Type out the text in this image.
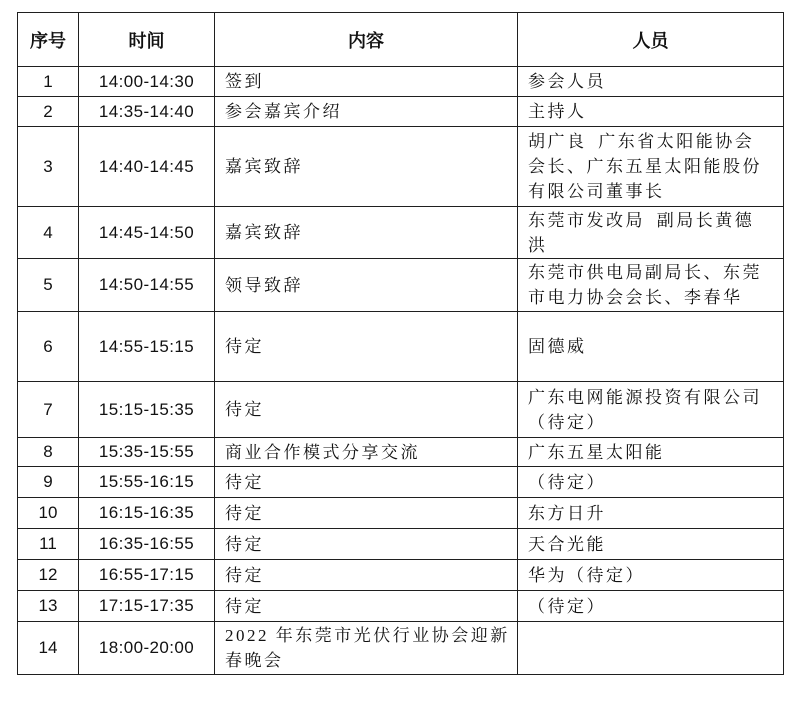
序号	时间	内容	人员
1	14:00-14:30	签到	参会人员

2	14:35-14:40	参会嘉宾介绍	主持人

3	14:40-14:45	嘉宾致辞	胡广良 广东省太阳能协会会长、广东五星太阳能股份有限公司董事长

4	14:45-14:50	嘉宾致辞	东莞市发改局 副局长黄德洪

5	14:50-14:55	领导致辞	东莞市供电局副局长、东莞市电力协会会长、李春华

6	14:55-15:15	待定	固德威

7	15:15-15:35	待定	广东电网能源投资有限公司（待定）

8	15:35-15:55	商业合作模式分享交流	广东五星太阳能

9	15:55-16:15	待定	（待定）

10	16:15-16:35	待定	东方日升

11	16:35-16:55	待定	天合光能

12	16:55-17:15	待定	华为（待定）

13	17:15-17:35	待定	（待定）

14	18:00-20:00	2022 年东莞市光伏行业协会迎新春晚会	
